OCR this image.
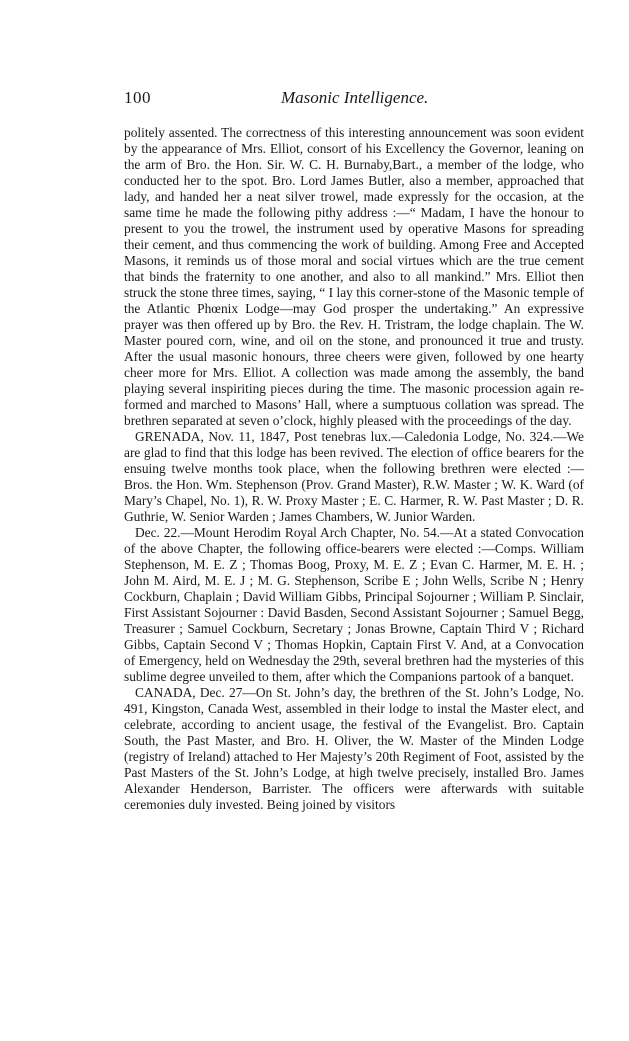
100	Masonic Intelligence.

politely assented. The correctness of this interesting announcement was soon evident by the appearance of Mrs. Elliot, consort of his Excellency the Governor, leaning on the arm of Bro. the Hon. Sir. W. C. H. Burnaby,Bart., a member of the lodge, who conducted her to the spot. Bro. Lord James Butler, also a member, approached that lady, and handed her a neat silver trowel, made expressly for the occasion, at the same time he made the following pithy address :—“ Madam, I have the honour to present to you the trowel, the instrument used by operative Masons for spreading their cement, and thus commencing the work of building. Among Free and Accepted Masons, it reminds us of those moral and social virtues which are the true cement that binds the fraternity to one another, and also to all mankind.” Mrs. Elliot then struck the stone three times, saying, “ I lay this corner-stone of the Masonic temple of the Atlantic Phœnix Lodge—may God prosper the undertaking.” An expressive prayer was then offered up by Bro. the Rev. H. Tristram, the lodge chaplain. The W. Master poured corn, wine, and oil on the stone, and pronounced it true and trusty. After the usual masonic honours, three cheers were given, followed by one hearty cheer more for Mrs. Elliot. A collection was made among the assembly, the band playing several inspiriting pieces during the time. The masonic procession again re-formed and marched to Masons’ Hall, where a sumptuous collation was spread. The brethren separated at seven o’clock, highly pleased with the proceedings of the day.

GRENADA, Nov. 11, 1847, Post tenebras lux.—Caledonia Lodge, No. 324.—We are glad to find that this lodge has been revived. The election of office bearers for the ensuing twelve months took place, when the following brethren were elected :—Bros. the Hon. Wm. Stephenson (Prov. Grand Master), R.W. Master ; W. K. Ward (of Mary’s Chapel, No. 1), R. W. Proxy Master ; E. C. Harmer, R. W. Past Master ; D. R. Guthrie, W. Senior Warden ; James Chambers, W. Junior Warden.

Dec. 22.—Mount Herodim Royal Arch Chapter, No. 54.—At a stated Convocation of the above Chapter, the following office-bearers were elected :—Comps. William Stephenson, M. E. Z ; Thomas Boog, Proxy, M. E. Z ; Evan C. Harmer, M. E. H. ; John M. Aird, M. E. J ; M. G. Stephenson, Scribe E ; John Wells, Scribe N ; Henry Cockburn, Chaplain ; David William Gibbs, Principal Sojourner ; William P. Sinclair, First Assistant Sojourner : David Basden, Second Assistant Sojourner ; Samuel Begg, Treasurer ; Samuel Cockburn, Secretary ; Jonas Browne, Captain Third V ; Richard Gibbs, Captain Second V ; Thomas Hopkin, Captain First V. And, at a Convocation of Emergency, held on Wednesday the 29th, several brethren had the mysteries of this sublime degree unveiled to them, after which the Companions partook of a banquet.

CANADA, Dec. 27—On St. John’s day, the brethren of the St. John’s Lodge, No. 491, Kingston, Canada West, assembled in their lodge to instal the Master elect, and celebrate, according to ancient usage, the festival of the Evangelist. Bro. Captain South, the Past Master, and Bro. H. Oliver, the W. Master of the Minden Lodge (registry of Ireland) attached to Her Majesty’s 20th Regiment of Foot, assisted by the Past Masters of the St. John’s Lodge, at high twelve precisely, installed Bro. James Alexander Henderson, Barrister. The officers were afterwards with suitable ceremonies duly invested. Being joined by visitors
